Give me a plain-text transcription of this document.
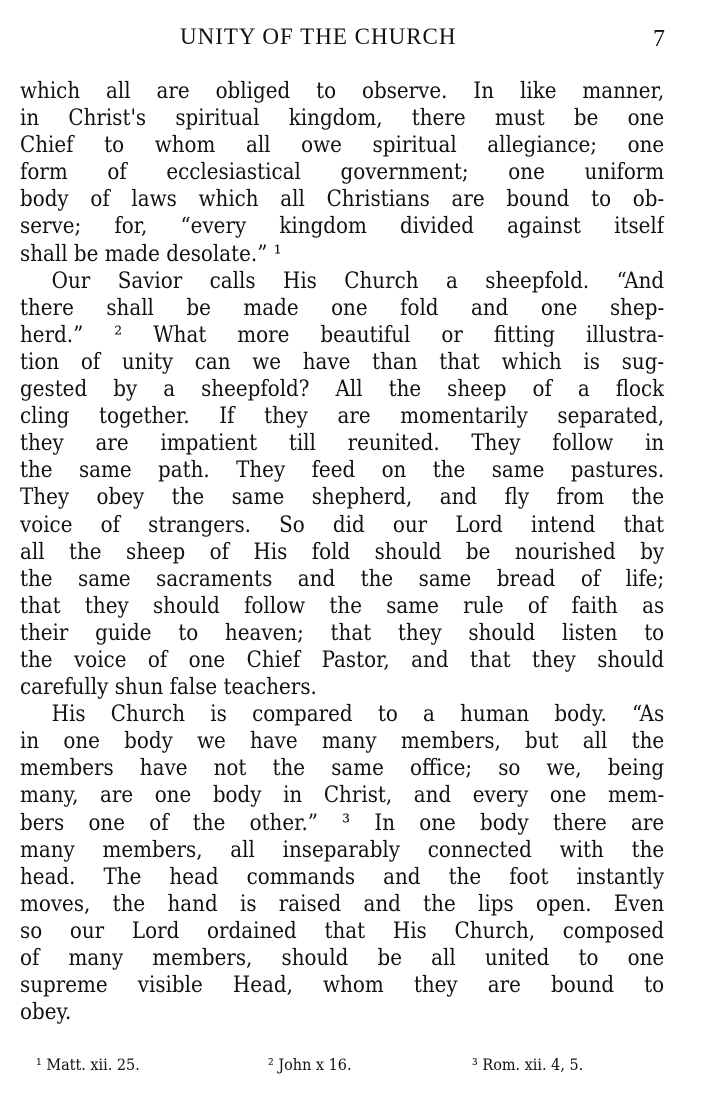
UNITY OF THE CHURCH	7
which all are obliged to observe. In like manner,
in Christ's spiritual kingdom, there must be one
Chief to whom all owe spiritual allegiance; one
form of ecclesiastical government; one uniform
body of laws which all Christians are bound to ob-
serve; for, “every kingdom divided against itself
shall be made desolate.” ¹
Our Savior calls His Church a sheepfold. “And
there shall be made one fold and one shep-
herd.” ² What more beautiful or fitting illustra-
tion of unity can we have than that which is sug-
gested by a sheepfold? All the sheep of a flock
cling together. If they are momentarily separated,
they are impatient till reunited. They follow in
the same path. They feed on the same pastures.
They obey the same shepherd, and fly from the
voice of strangers. So did our Lord intend that
all the sheep of His fold should be nourished by
the same sacraments and the same bread of life;
that they should follow the same rule of faith as
their guide to heaven; that they should listen to
the voice of one Chief Pastor, and that they should
carefully shun false teachers.
His Church is compared to a human body. “As
in one body we have many members, but all the
members have not the same office; so we, being
many, are one body in Christ, and every one mem-
bers one of the other.” ³ In one body there are
many members, all inseparably connected with the
head. The head commands and the foot instantly
moves, the hand is raised and the lips open. Even
so our Lord ordained that His Church, composed
of many members, should be all united to one
supreme visible Head, whom they are bound to
obey.
¹ Matt. xii. 25.	² John x 16.	³ Rom. xii. 4, 5.
